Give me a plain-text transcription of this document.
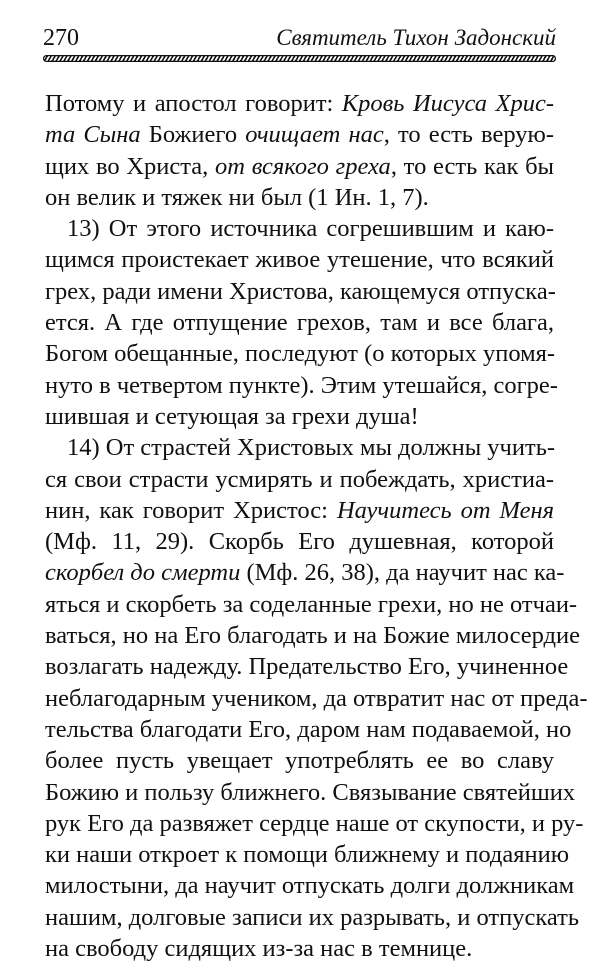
270	Святитель Тихон Задонский
Потому и апостол говорит: Кровь Иисуса Хрис-
та Сына Божиего очищает нас, то есть верую-
щих во Христа, от всякого греха, то есть как бы
он велик и тяжек ни был (1 Ин. 1, 7).
13) От этого источника согрешившим и каю-
щимся проистекает живое утешение, что всякий
грех, ради имени Христова, кающемуся отпуска-
ется. А где отпущение грехов, там и все блага,
Богом обещанные, последуют (о которых упомя-
нуто в четвертом пункте). Этим утешайся, согре-
шившая и сетующая за грехи душа!
14) От страстей Христовых мы должны учить-
ся свои страсти усмирять и побеждать, христиа-
нин, как говорит Христос: Научитесь от Меня
(Мф. 11, 29). Скорбь Его душевная, которой
скорбел до смерти (Мф. 26, 38), да научит нас ка-
яться и скорбеть за соделанные грехи, но не отчаи-
ваться, но на Его благодать и на Божие милосердие
возлагать надежду. Предательство Его, учиненное
неблагодарным учеником, да отвратит нас от преда-
тельства благодати Его, даром нам подаваемой, но
более пусть увещает употреблять ее во славу
Божию и пользу ближнего. Связывание святейших
рук Его да развяжет сердце наше от скупости, и ру-
ки наши откроет к помощи ближнему и подаянию
милостыни, да научит отпускать долги должникам
нашим, долговые записи их разрывать, и отпускать
на свободу сидящих из-за нас в темнице.
